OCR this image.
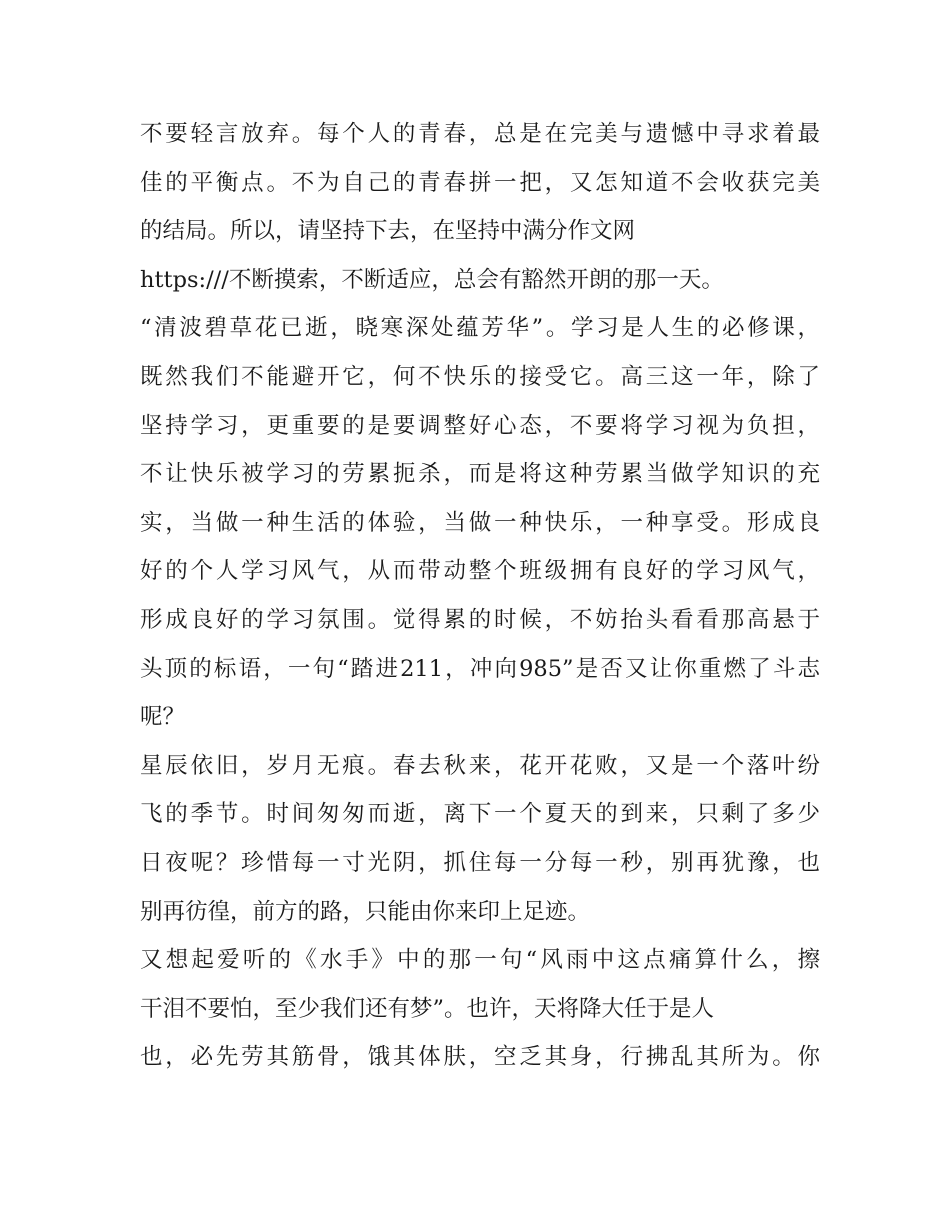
不要轻言放弃。每个人的青春，总是在完美与遗憾中寻求着最
佳的平衡点。不为自己的青春拼一把，又怎知道不会收获完美
的结局。所以，请坚持下去，在坚持中满分作文网
https:///不断摸索，不断适应，总会有豁然开朗的那一天。
“清波碧草花已逝，晓寒深处蕴芳华”。学习是人生的必修课，
既然我们不能避开它，何不快乐的接受它。高三这一年，除了
坚持学习，更重要的是要调整好心态，不要将学习视为负担，
不让快乐被学习的劳累扼杀，而是将这种劳累当做学知识的充
实，当做一种生活的体验，当做一种快乐，一种享受。形成良
好的个人学习风气，从而带动整个班级拥有良好的学习风气，
形成良好的学习氛围。觉得累的时候，不妨抬头看看那高悬于
头顶的标语，一句“踏进211，冲向985”是否又让你重燃了斗志
呢？
星辰依旧，岁月无痕。春去秋来，花开花败，又是一个落叶纷
飞的季节。时间匆匆而逝，离下一个夏天的到来，只剩了多少
日夜呢？珍惜每一寸光阴，抓住每一分每一秒，别再犹豫，也
别再彷徨，前方的路，只能由你来印上足迹。
又想起爱听的《水手》中的那一句“风雨中这点痛算什么，擦
干泪不要怕，至少我们还有梦”。也许，天将降大任于是人
也，必先劳其筋骨，饿其体肤，空乏其身，行拂乱其所为。你
